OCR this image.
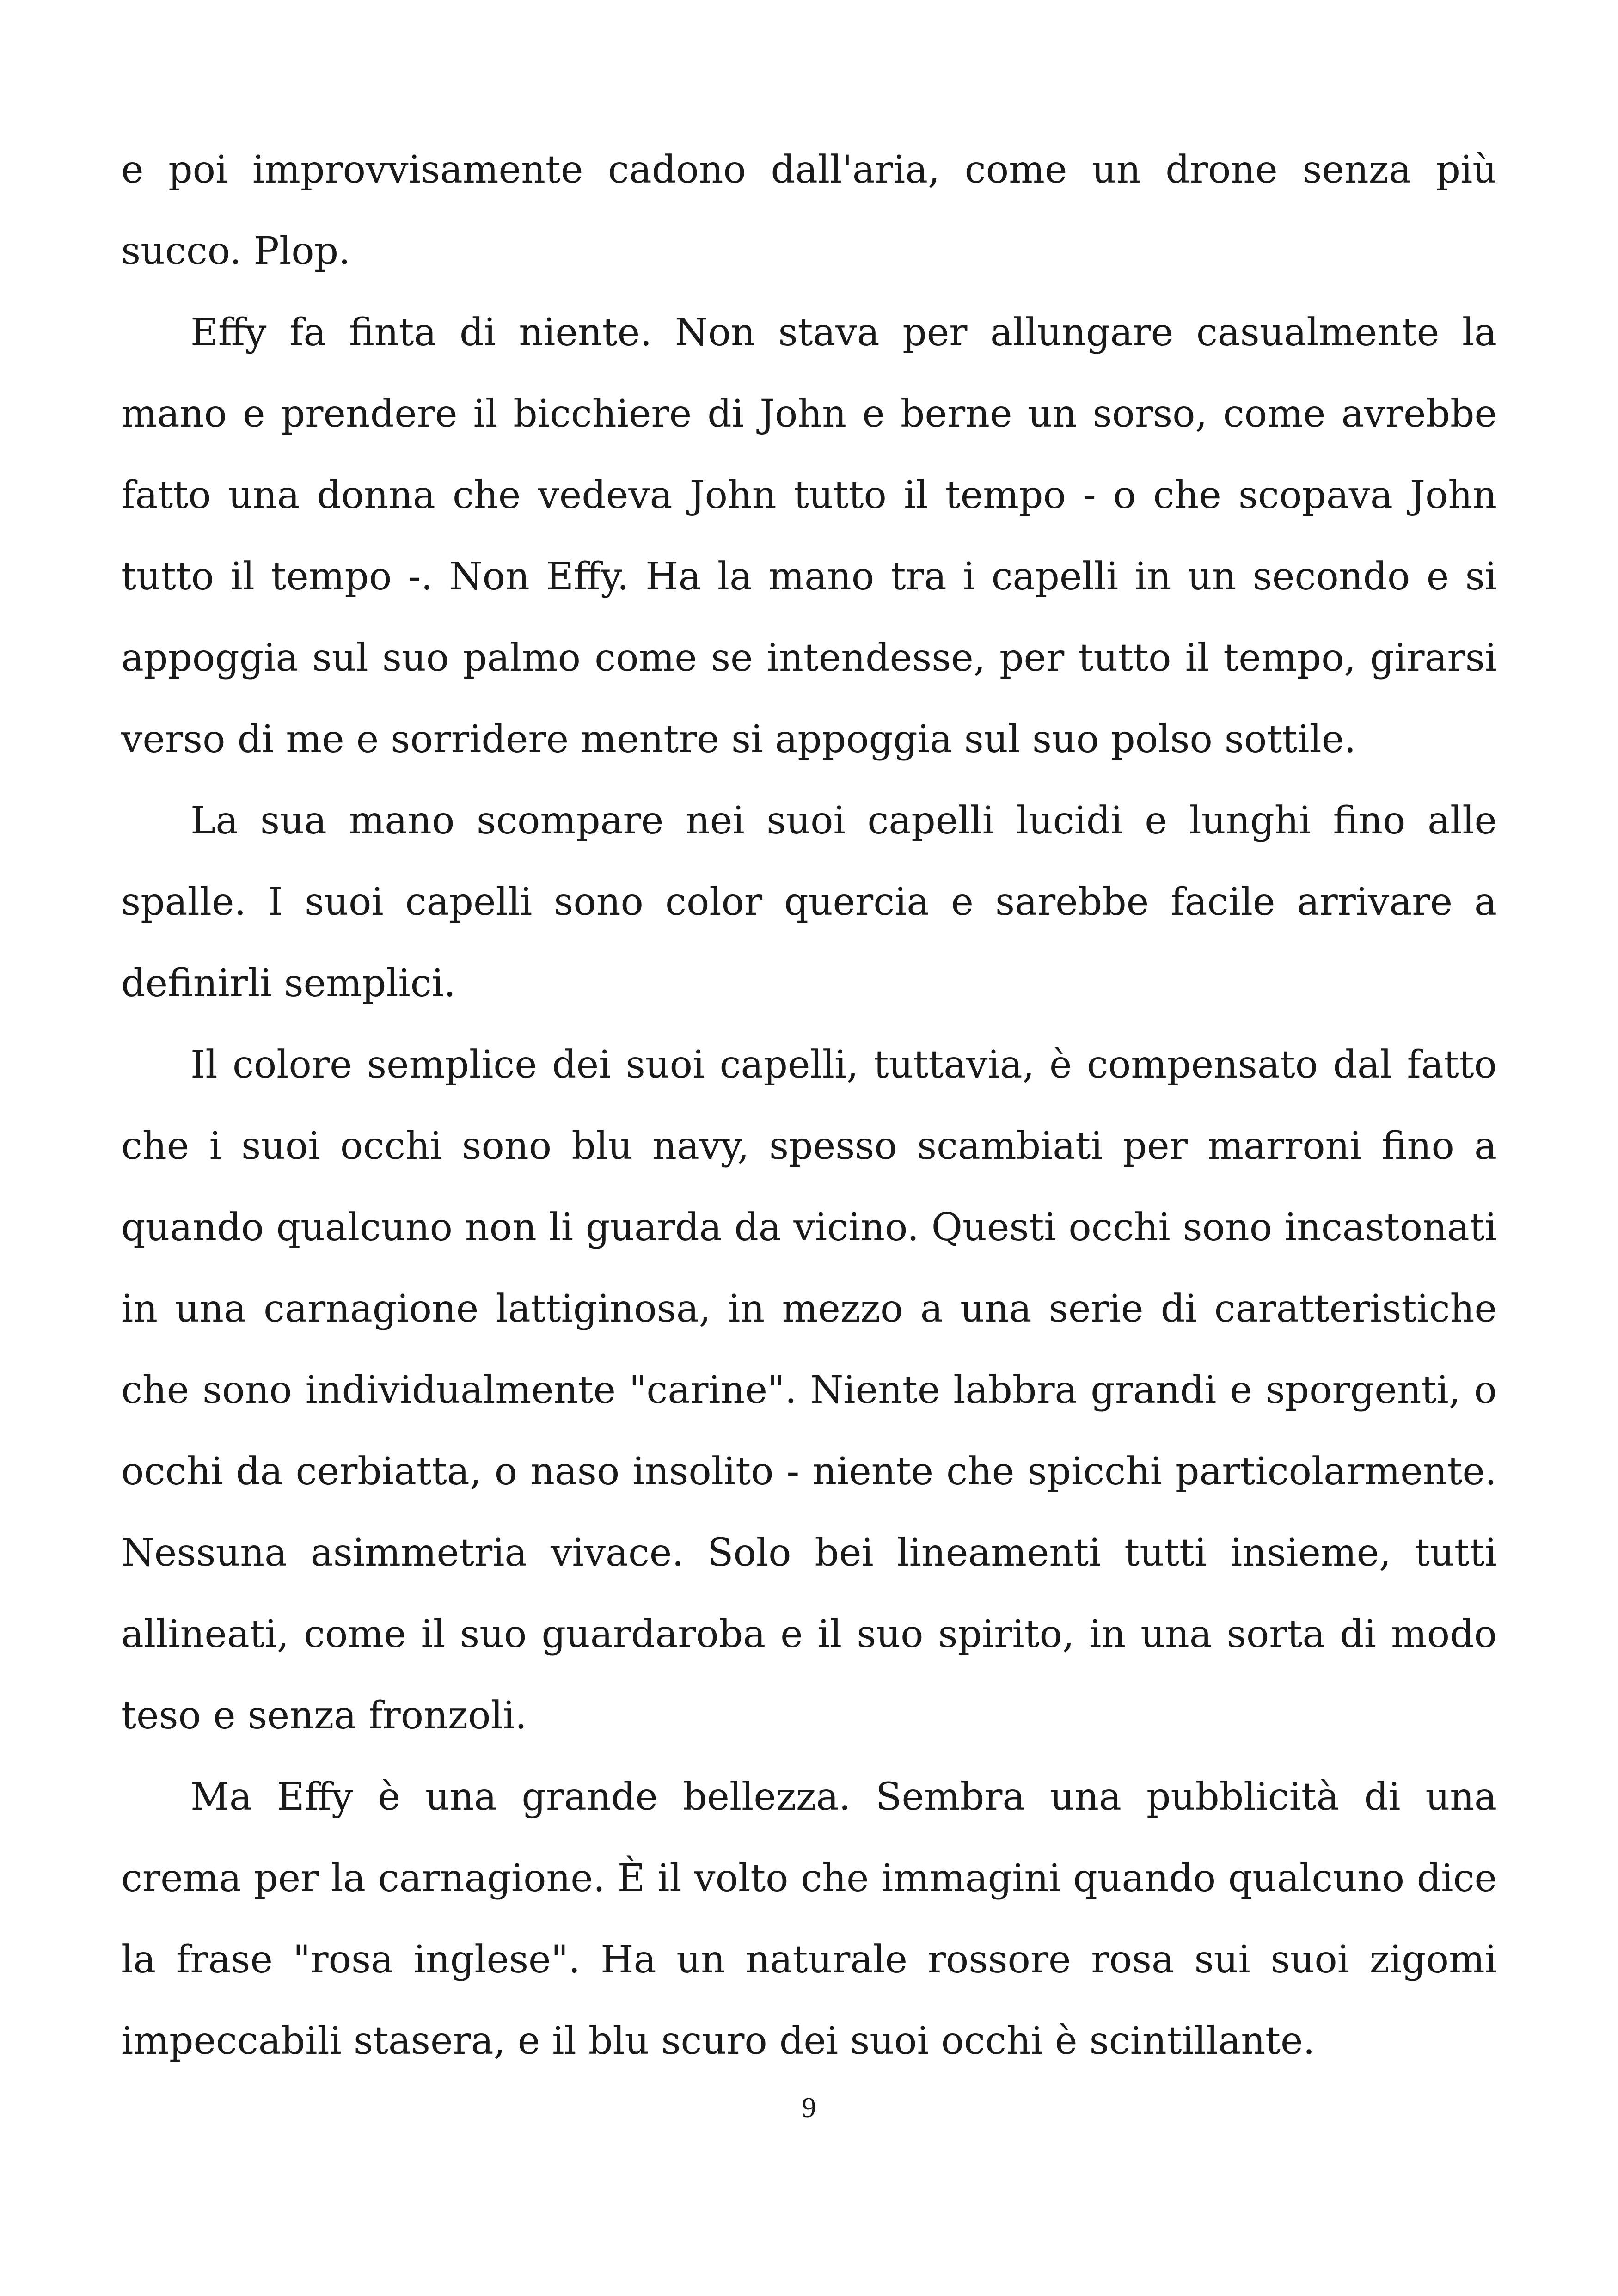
e poi improvvisamente cadono dall'aria, come un drone senza più succo. Plop.

Effy fa finta di niente. Non stava per allungare casualmente la mano e prendere il bicchiere di John e berne un sorso, come avrebbe fatto una donna che vedeva John tutto il tempo - o che scopava John tutto il tempo -. Non Effy. Ha la mano tra i capelli in un secondo e si appoggia sul suo palmo come se intendesse, per tutto il tempo, girarsi verso di me e sorridere mentre si appoggia sul suo polso sottile.

La sua mano scompare nei suoi capelli lucidi e lunghi fino alle spalle. I suoi capelli sono color quercia e sarebbe facile arrivare a definirli semplici.

Il colore semplice dei suoi capelli, tuttavia, è compensato dal fatto che i suoi occhi sono blu navy, spesso scambiati per marroni fino a quando qualcuno non li guarda da vicino. Questi occhi sono incastonati in una carnagione lattiginosa, in mezzo a una serie di caratteristiche che sono individualmente "carine". Niente labbra grandi e sporgenti, o occhi da cerbiatta, o naso insolito - niente che spicchi particolarmente. Nessuna asimmetria vivace. Solo bei lineamenti tutti insieme, tutti allineati, come il suo guardaroba e il suo spirito, in una sorta di modo teso e senza fronzoli.

Ma Effy è una grande bellezza. Sembra una pubblicità di una crema per la carnagione. È il volto che immagini quando qualcuno dice la frase "rosa inglese". Ha un naturale rossore rosa sui suoi zigomi impeccabili stasera, e il blu scuro dei suoi occhi è scintillante.

9
